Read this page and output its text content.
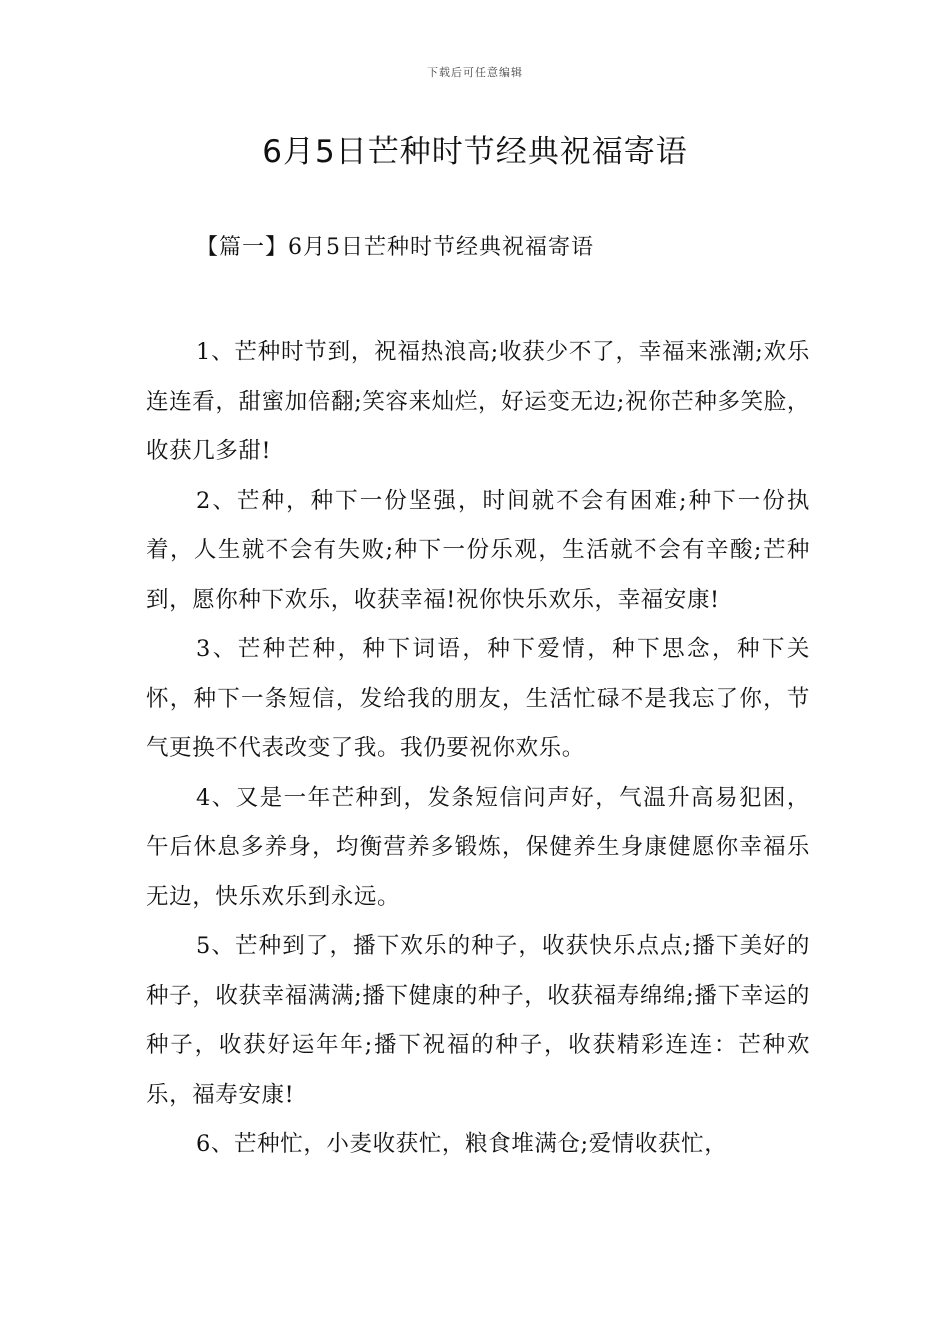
下载后可任意编辑
6月5日芒种时节经典祝福寄语
【篇一】6月5日芒种时节经典祝福寄语

1、芒种时节到，祝福热浪高;收获少不了，幸福来涨潮;欢乐连连看，甜蜜加倍翻;笑容来灿烂，好运变无边;祝你芒种多笑脸，收获几多甜!

2、芒种，种下一份坚强，时间就不会有困难;种下一份执着，人生就不会有失败;种下一份乐观，生活就不会有辛酸;芒种到，愿你种下欢乐，收获幸福!祝你快乐欢乐，幸福安康!

3、芒种芒种，种下词语，种下爱情，种下思念，种下关怀，种下一条短信，发给我的朋友，生活忙碌不是我忘了你，节气更换不代表改变了我。我仍要祝你欢乐。

4、又是一年芒种到，发条短信问声好，气温升高易犯困，午后休息多养身，均衡营养多锻炼，保健养生身康健愿你幸福乐无边，快乐欢乐到永远。

5、芒种到了，播下欢乐的种子，收获快乐点点;播下美好的种子，收获幸福满满;播下健康的种子，收获福寿绵绵;播下幸运的种子，收获好运年年;播下祝福的种子，收获精彩连连：芒种欢乐，福寿安康!

6、芒种忙，小麦收获忙，粮食堆满仓;爱情收获忙，
